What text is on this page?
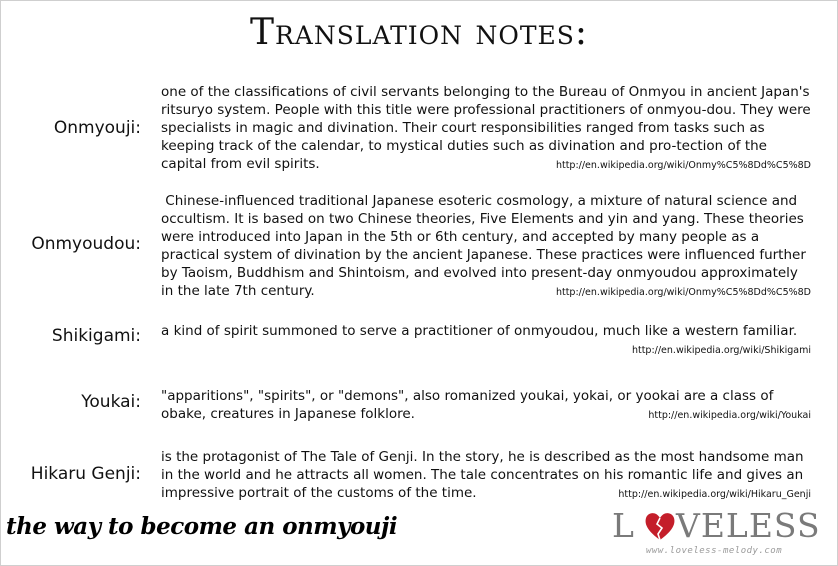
Translation notes:
Onmyouji:
one of the classifications of civil servants belonging to the Bureau of Onmyou in ancient Japan's ritsuryo system. People with this title were professional practitioners of onmyou-dou. They were specialists in magic and divination. Their court responsibilities ranged from tasks such as keeping track of the calendar, to mystical duties such as divination and pro-tection of the capital from evil spirits.	http://en.wikipedia.org/wiki/Onmy%C5%8Dd%C5%8D
Onmyoudou:
Chinese-influenced traditional Japanese esoteric cosmology, a mixture of natural science and occultism. It is based on two Chinese theories, Five Elements and yin and yang. These theories were introduced into Japan in the 5th or 6th century, and accepted by many people as a practical system of divination by the ancient Japanese. These practices were influenced further by Taoism, Buddhism and Shintoism, and evolved into present-day onmyoudou approximately in the late 7th century.	http://en.wikipedia.org/wiki/Onmy%C5%8Dd%C5%8D
Shikigami: a kind of spirit summoned to serve a practitioner of onmyoudou, much like a western familiar.
http://en.wikipedia.org/wiki/Shikigami
Youkai: "apparitions", "spirits", or "demons", also romanized youkai, yokai, or yookai are a class of obake, creatures in Japanese folklore.	http://en.wikipedia.org/wiki/Youkai
Hikaru Genji:
is the protagonist of The Tale of Genji. In the story, he is described as the most handsome man in the world and he attracts all women. The tale concentrates on his romantic life and gives an impressive portrait of the customs of the time.	http://en.wikipedia.org/wiki/Hikaru_Genji
the way to become an onmyouji	L VELESS
www.loveless-melody.com
